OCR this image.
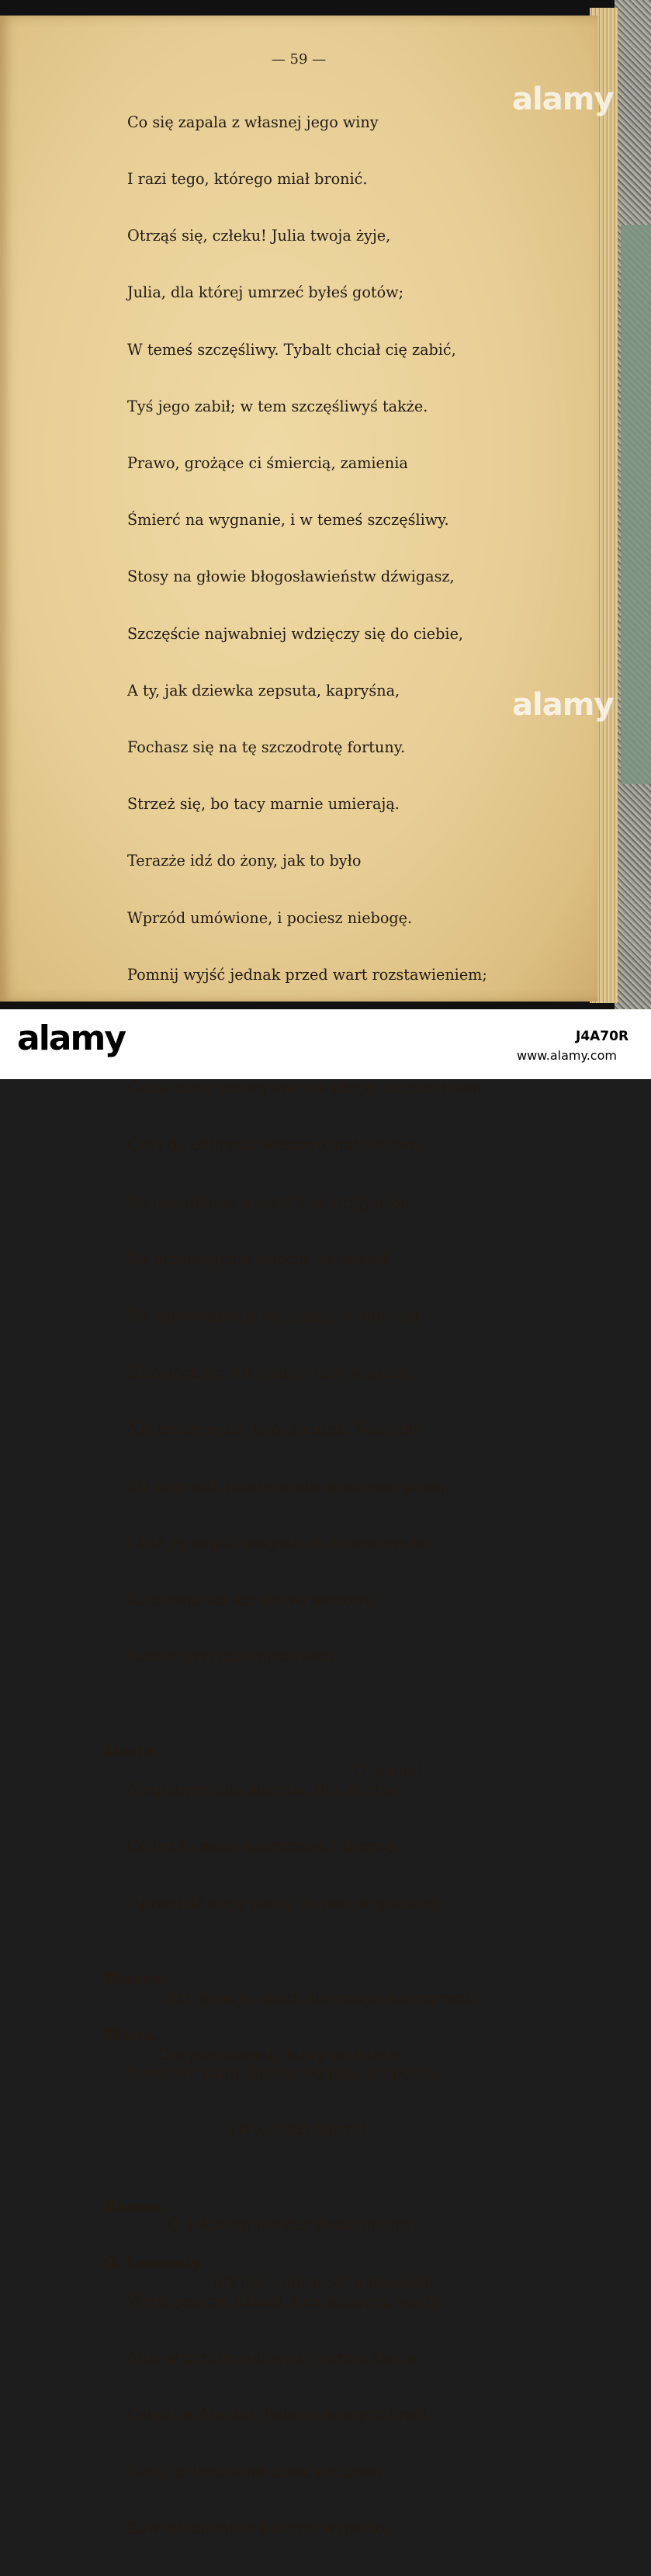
— 59 —

Co się zapala z własnej jego winy

I razi tego, którego miał bronić.

Otrząś się, człeku! Julia twoja żyje,

Julia, dla której umrzeć byłeś gotów;

W temeś szczęśliwy. Tybalt chciał cię zabić,

Tyś jego zabił; w tem szczęśliwyś także.

Prawo, grożące ci śmiercią, zamienia

Śmierć na wygnanie, i w temeś szczęśliwy.

Stosy na głowie błogosławieństw dźwigasz,

Szczęście najwabniej wdzięczy się do ciebie,

A ty, jak dziewka zepsuta, kapryśna,

Fochasz się na tę szczodrotę fortuny.

Strzeż się, bo tacy marnie umierają.

Terazże idź do żony, jak to było

Wprzód umówione, i pociesz niebogę.

Pomnij wyjść jednak przed wart rozstawieniem;

Gdzie masz przebywać tak długo, aż znajdziem

Czas do odkrycia waszego małżeństwa,

Do pojednania waszych nieprzyjaciół,

Do przebłagania księcia, naostatek

Do sprowadzenia cię nazad, z radością

Dziesięćkroć sto tysięcy razy większą,

Niż teraźniejszy twój smutek. Waćpani

Idź naprzód; pozdrów ode mnie swą panią;

I każ jej naglić wszystkich do spoczynku,

Ku czemu żal ich ułatwi namowę.

Romeo przyjdzie niebawem.

Marta.

O, panie!

Mogłabym całą noc stać tu i słuchać.

Co też to może nauczoność! Biegnę

Uprzedzić moją panią, że pan przyjdziesz.

Romeo.

Idź, proś ją, niech się gotuje mię zgromić.

Marta.

Oto pierścionek, który mi kazała

Doręczyć panu. Śpiesz się pan, już późno.

(Wychodzi Marta).

Romeo.

O, jakże mi ten dar dodał otuchy!

O. Laurenty.

Idź już; dobranoc! a pamiętaj

Wyjść jeszcze dzisiaj, nim zaciągną warty,

Albo w przebraniu wyjść jutro o świcie.

Osiądź w Mantui. Jeden z naszych braci

Nosić ci będzie od czasu do czasu

Zawiadomienie o każdym wypadku,

alamy
alamy
alamy	J4A70R
www.alamy.com
